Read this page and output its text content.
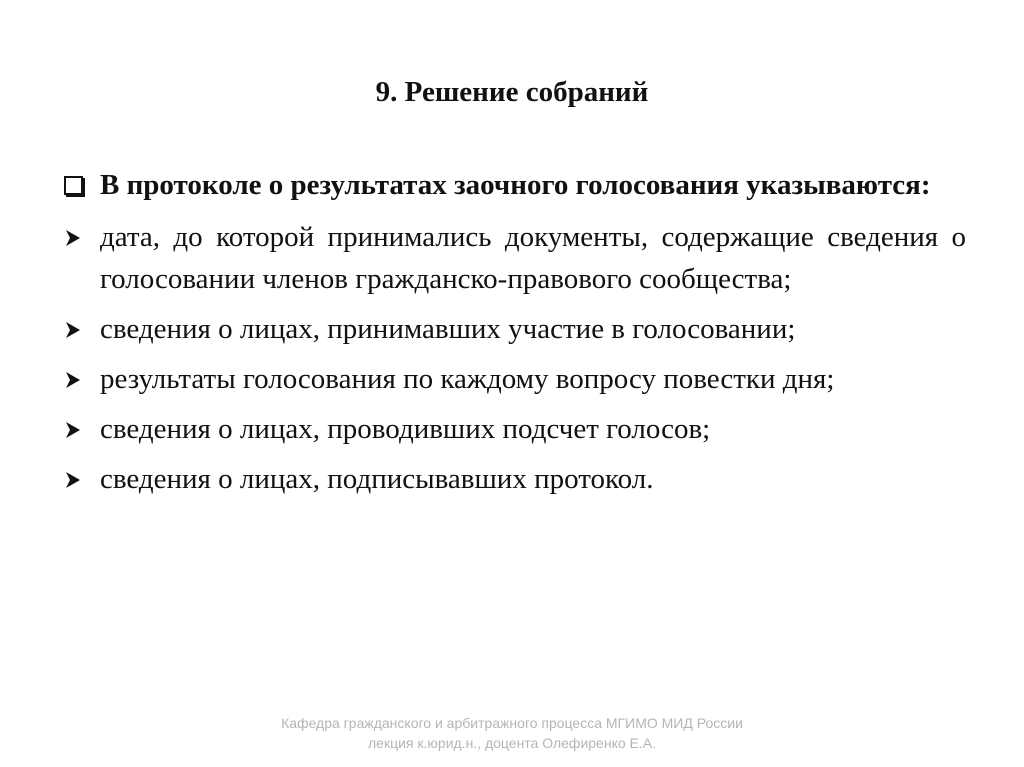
9. Решение собраний
В протоколе о результатах заочного голосования указываются:
дата, до которой принимались документы, содержащие сведения о голосовании членов гражданско-правового сообщества;
сведения о лицах, принимавших участие в голосовании;
результаты голосования по каждому вопросу повестки дня;
сведения о лицах, проводивших подсчет голосов;
сведения о лицах, подписывавших протокол.
Кафедра гражданского и арбитражного процесса МГИМО МИД России
лекция к.юрид.н., доцента Олефиренко Е.А.
